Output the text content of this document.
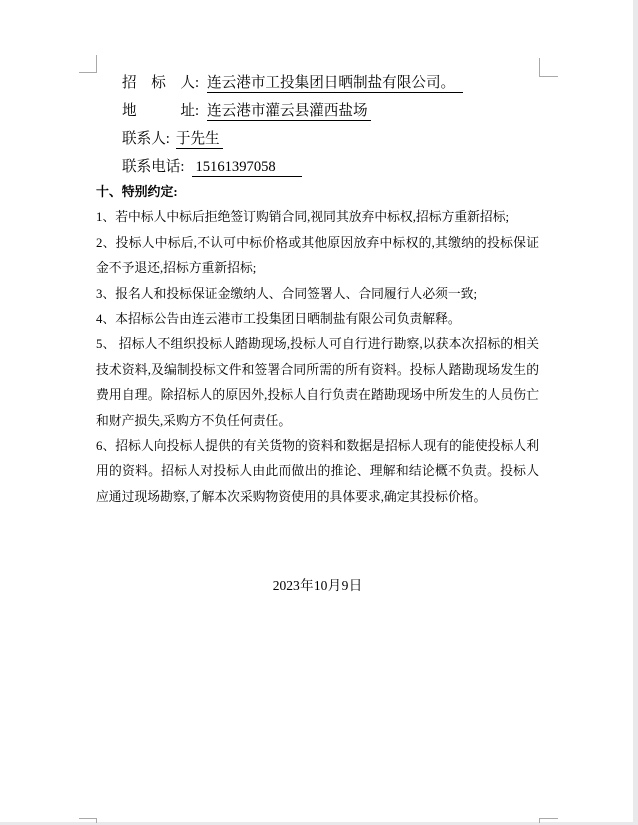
招　标　人: 连云港市工投集团日晒制盐有限公司。
地　　　址: 连云港市灌云县灌西盐场
联系人: 于先生
联系电话: 15161397058

十、特别约定:

1、若中标人中标后拒绝签订购销合同,视同其放弃中标权,招标方重新招标;

2、投标人中标后,不认可中标价格或其他原因放弃中标权的,其缴纳的投标保证金不予退还,招标方重新招标;

3、报名人和投标保证金缴纳人、合同签署人、合同履行人必须一致;

4、本招标公告由连云港市工投集团日晒制盐有限公司负责解释。

5、 招标人不组织投标人踏勘现场,投标人可自行进行勘察,以获本次招标的相关技术资料,及编制投标文件和签署合同所需的所有资料。投标人踏勘现场发生的费用自理。除招标人的原因外,投标人自行负责在踏勘现场中所发生的人员伤亡和财产损失,采购方不负任何责任。

6、招标人向投标人提供的有关货物的资料和数据是招标人现有的能使投标人利用的资料。招标人对投标人由此而做出的推论、理解和结论概不负责。投标人应通过现场勘察,了解本次采购物资使用的具体要求,确定其投标价格。

2023 年 10 月 9 日
